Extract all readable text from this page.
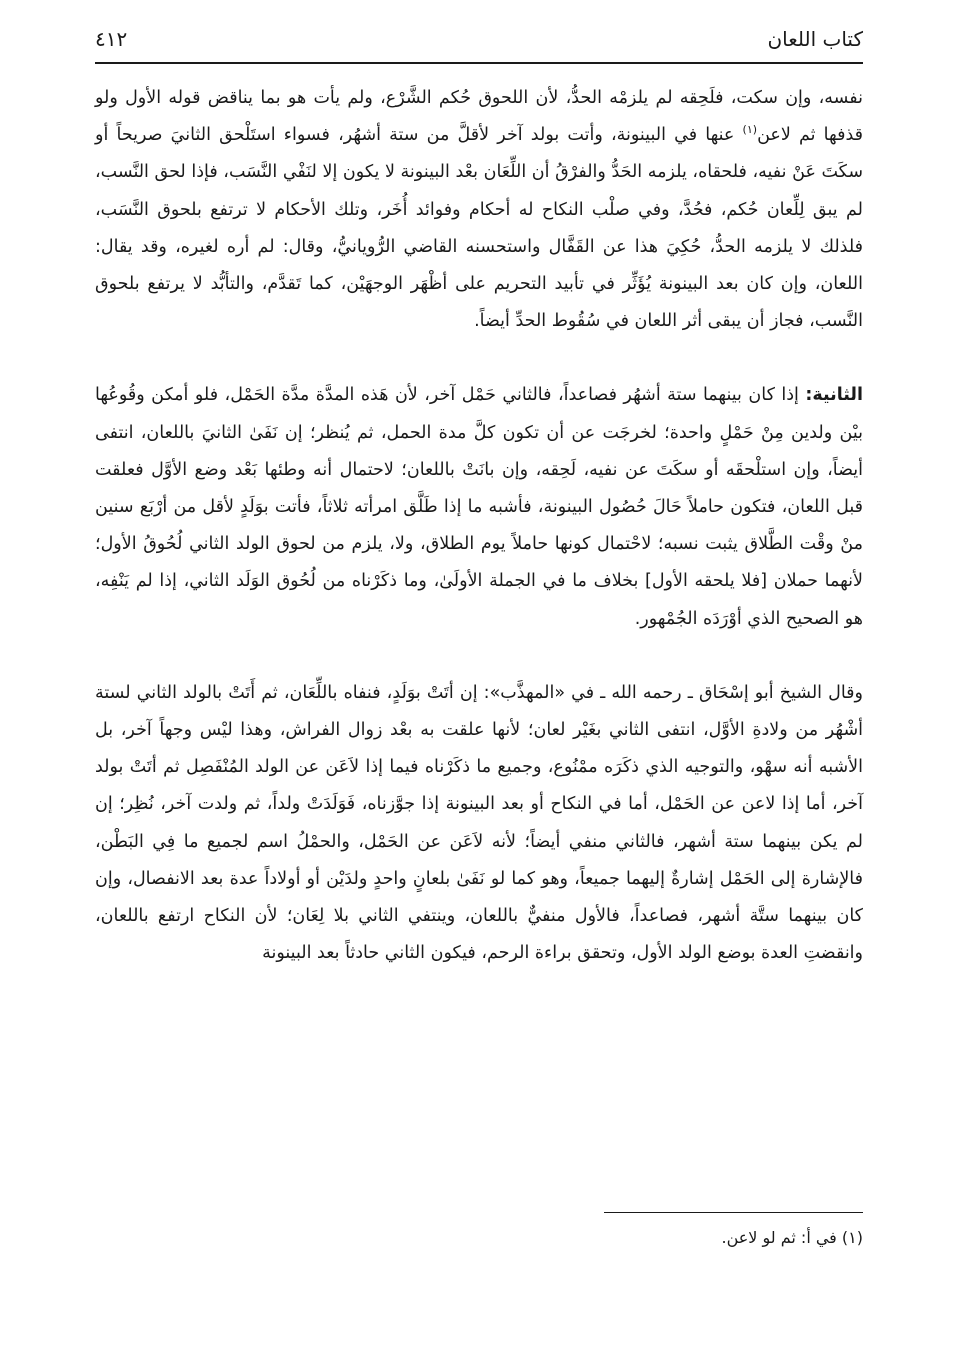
كتاب اللعان
٤١٢

نفسه، وإن سكت، فلَحِقه لم يلزمْه الحدُّ، لأن اللحوق حُكم الشَّرْع، ولم يأت هو بما يناقض قوله الأول ولو قذفها ثم لاعن$^{(١)}$ عنها في البينونة، وأتت بولد آخر لأقلَّ من ستة أشهُر، فسواء استَلْحق الثانيَ صريحاً أو سكَتَ عَنْ نفيه، فلحقاه، يلزمه الحَدُّ والفرْقُ أن اللِّعَان بعْد البينونة لا يكون إلا لنَفْي النَّسَب، فإذا لحق النَّسب، لم يبق لِلِّعان حُكم، فحُدَّ، وفي صلْب النكاح له أحكام وفوائد أُخَر، وتلك الأحكام لا ترتفع بلحوق النَّسَب، فلذلك لا يلزمه الحدُّ، حُكِيَ هذا عن القَفَّال واستحسنه القاضي الرُّويانيُّ، وقال: لم أره لغيره، وقد يقال: اللعان، وإن كان بعد البينونة يُؤَثِّر في تأبيد التحريم على أظْهَر الوجهَيْن، كما تَقدَّم، والتأبُّد لا يرتفع بلحوق النَّسب، فجاز أن يبقى أثر اللعان في سُقُوط الحدِّ أيضاً.

الثانية: إذا كان بينهما ستة أشهُر فصاعداً، فالثاني حَمْل آخر، لأن هَذه المدَّة مدَّة الحَمْل، فلو أمكن وقُوعُها بيْن ولدين مِنْ حَمْلٍ واحدة؛ لخرجَت عن أن تكون كلَّ مدة الحمل، ثم يُنظر؛ إن نَفَىٰ الثانيَ باللعان، انتفى أيضاً، وإن استلْحقَه أو سكَتَ عن نفيه، لَحِقه، وإن بانَتْ باللعان؛ لاحتمال أنه وطئها بَعْد وضع الأوَّل فعلقت قبل اللعان، فتكون حاملاً حَالَ حُصُول البينونة، فأشبه ما إذا طَلَّق امرأته ثلاثاً، فأتت بوَلَدٍ لأقل من أرْبَع سنين منْ وقْت الطَّلاق يثبت نسبه؛ لاحْتمال كونها حاملاً يوم الطلاق، ولا، يلزم من لحوق الولد الثاني لُحُوقُ الأول؛ لأنهما حملان [فلا يلحقه الأول] بخلاف ما في الجملة الأولَىٰ، وما ذكَرْناه من لُحُوق الوَلَد الثاني، إذا لم يَنْفِه، هو الصحيح الذي أوْرَدَه الجُمْهور.

وقال الشيخ أبو إسْحَاق ـ رحمه الله ـ في «المهذَّب»: إن أتَتْ بوَلَدٍ، فنفاه باللِّعَان، ثم أَتَتْ بالولد الثاني لستة أشْهُر من ولادةِ الأوَّل، انتفى الثاني بغَيْر لعان؛ لأنها علقت به بعْد زوال الفراش، وهذا ليْس وجهاً آخر، بل الأشبه أنه سهْو، والتوجيه الذي ذكَرَه ممْنُوع، وجميع ما ذكَرْناه فيما إذا لاَعَن عن الولد المُنْفَصِل ثم أتَتْ بولد آخر، أما إذا لاعن عن الحَمْل، أما في النكاح أو بعد البينونة إذا جوَّزناه، فَوَلَدَتْ ولداً، ثم ولدت آخر، نُظِر؛ إن لم يكن بينهما ستة أشهر، فالثاني منفي أيضاً؛ لأنه لاَعَن عن الحَمْل، والحمْلُ اسم لجميع ما فِي البَطْن، فالإشارة إلى الحَمْل إشارةٌ إليهما جميعاً، وهو كما لو نَفَىٰ بلعانٍ واحدٍ ولدَيْن أو أولاداً عدة بعد الانفصال، وإن كان بينهما ستَّة أشهر، فصاعداً، فالأول منفيٌّ باللعان، وينتفي الثاني بلا لِعَان؛ لأن النكاح ارتفع باللعان، وانقضتِ العدة بوضع الولد الأول، وتحقق براءة الرحم، فيكون الثاني حادثاً بعد البينونة

(١) في أ: ثم لو لاعن.
